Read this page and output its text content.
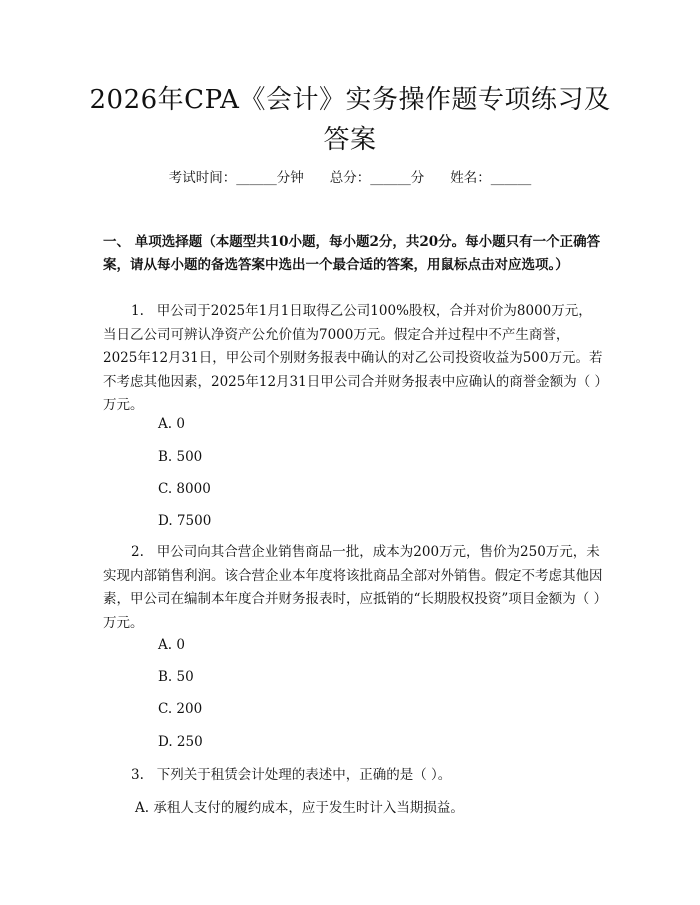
2026年CPA《会计》实务操作题专项练习及
答案
考试时间：______分钟 总分：______分 姓名：______
一、 单项选择题（本题型共10小题，每小题2分，共20分。每小题只有一个正确答案，请从每小题的备选答案中选出一个最合适的答案，用鼠标点击对应选项。）
1. 甲公司于2025年1月1日取得乙公司100%股权，合并对价为8000万元，当日乙公司可辨认净资产公允价值为7000万元。假定合并过程中不产生商誉，2025年12月31日，甲公司个别财务报表中确认的对乙公司投资收益为500万元。若不考虑其他因素，2025年12月31日甲公司合并财务报表中应确认的商誉金额为（ ）万元。
A. 0
B. 500
C. 8000
D. 7500
2. 甲公司向其合营企业销售商品一批，成本为200万元，售价为250万元，未实现内部销售利润。该合营企业本年度将该批商品全部对外销售。假定不考虑其他因素，甲公司在编制本年度合并财务报表时，应抵销的“长期股权投资”项目金额为（ ）万元。
A. 0
B. 50
C. 200
D. 250
3. 下列关于租赁会计处理的表述中，正确的是（ ）。
A. 承租人支付的履约成本，应于发生时计入当期损益。
